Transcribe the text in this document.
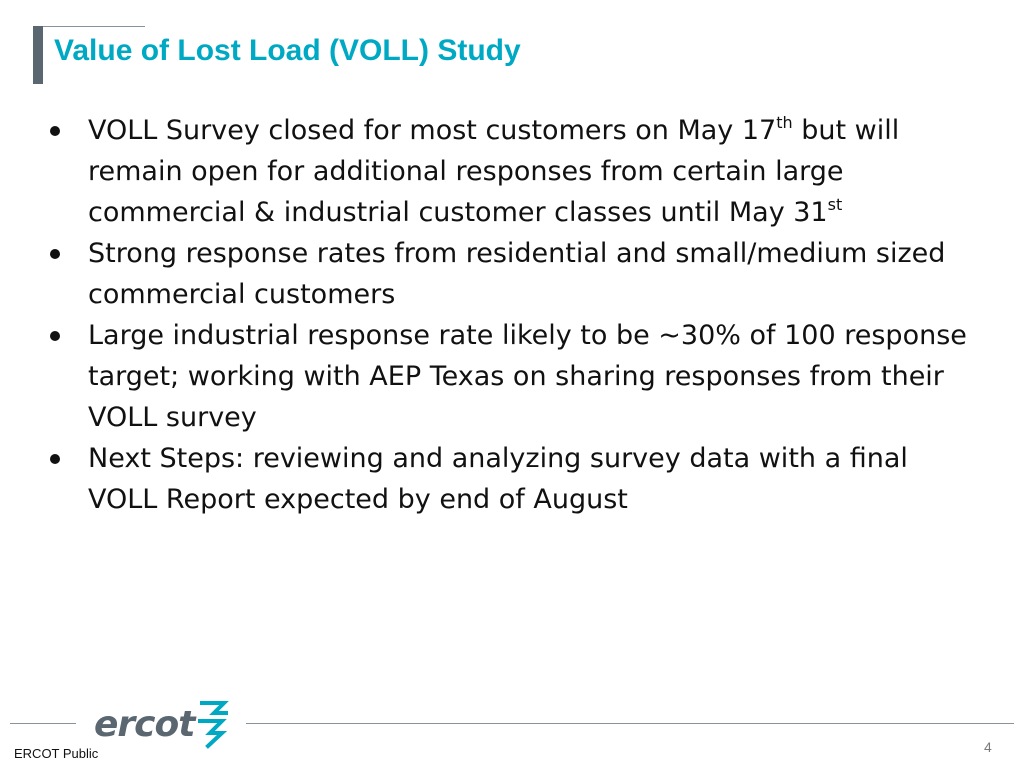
Value of Lost Load (VOLL) Study
VOLL Survey closed for most customers on May 17th but will remain open for additional responses from certain large commercial & industrial customer classes until May 31st
Strong response rates from residential and small/medium sized commercial customers
Large industrial response rate likely to be ~30% of 100 response target; working with AEP Texas on sharing responses from their VOLL survey
Next Steps: reviewing and analyzing survey data with a final VOLL Report expected by end of August
ercot
ERCOT Public	4
